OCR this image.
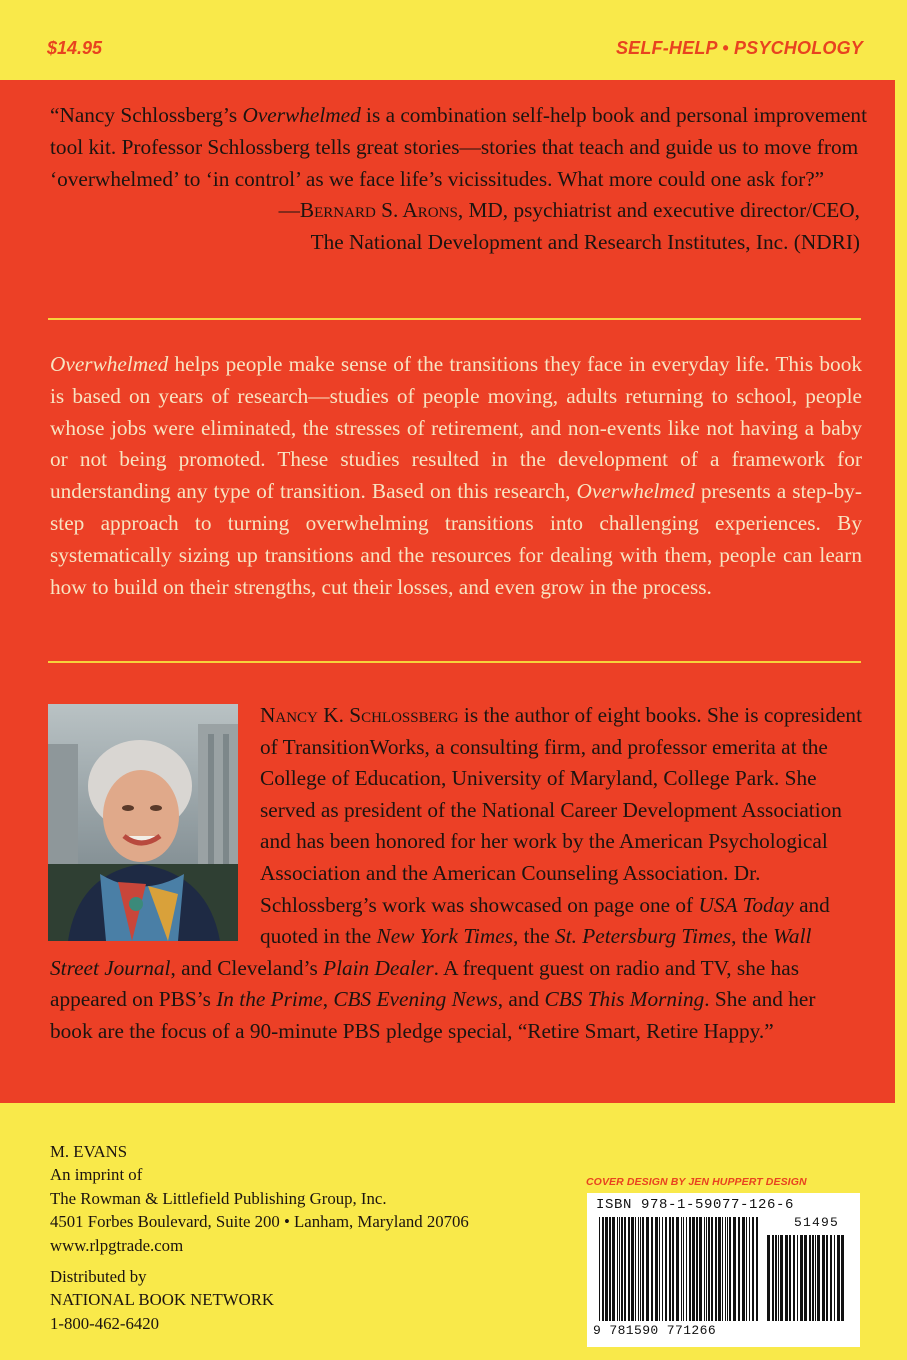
$14.95	SELF-HELP • PSYCHOLOGY

“Nancy Schlossberg’s Overwhelmed is a combination self-help book and personal improvement tool kit. Professor Schlossberg tells great stories—stories that teach and guide us to move from ‘overwhelmed’ to ‘in control’ as we face life’s vicissitudes. What more could one ask for?”

—Bernard S. Arons, MD, psychiatrist and executive director/CEO,

The National Development and Research Institutes, Inc. (NDRI)

Overwhelmed helps people make sense of the transitions they face in everyday life. This book is based on years of research—studies of people moving, adults returning to school, people whose jobs were eliminated, the stresses of retirement, and non-events like not having a baby or not being promoted. These studies resulted in the development of a framework for understanding any type of transition. Based on this research, Overwhelmed presents a step-by-step approach to turning overwhelming transitions into challenging experiences. By systematically sizing up transitions and the resources for dealing with them, people can learn how to build on their strengths, cut their losses, and even grow in the process.

Nancy K. Schlossberg is the author of eight books. She is copresident of TransitionWorks, a consulting firm, and professor emerita at the College of Education, University of Maryland, College Park. She served as president of the National Career Development Association and has been honored for her work by the American Psychological Association and the American Counseling Association. Dr. Schlossberg’s work was showcased on page one of USA Today and quoted in the New York Times, the St. Petersburg Times, the Wall Street Journal, and Cleveland’s Plain Dealer. A frequent guest on radio and TV, she has appeared on PBS’s In the Prime, CBS Evening News, and CBS This Morning. She and her book are the focus of a 90-minute PBS pledge special, “Retire Smart, Retire Happy.”

M. EVANS
An imprint of
The Rowman & Littlefield Publishing Group, Inc.
4501 Forbes Boulevard, Suite 200 • Lanham, Maryland 20706
www.rlpgtrade.com
Distributed by
NATIONAL BOOK NETWORK
1-800-462-6420
COVER DESIGN BY JEN HUPPERT DESIGN
ISBN 978-1-59077-126-6
51495
9 781590 771266
